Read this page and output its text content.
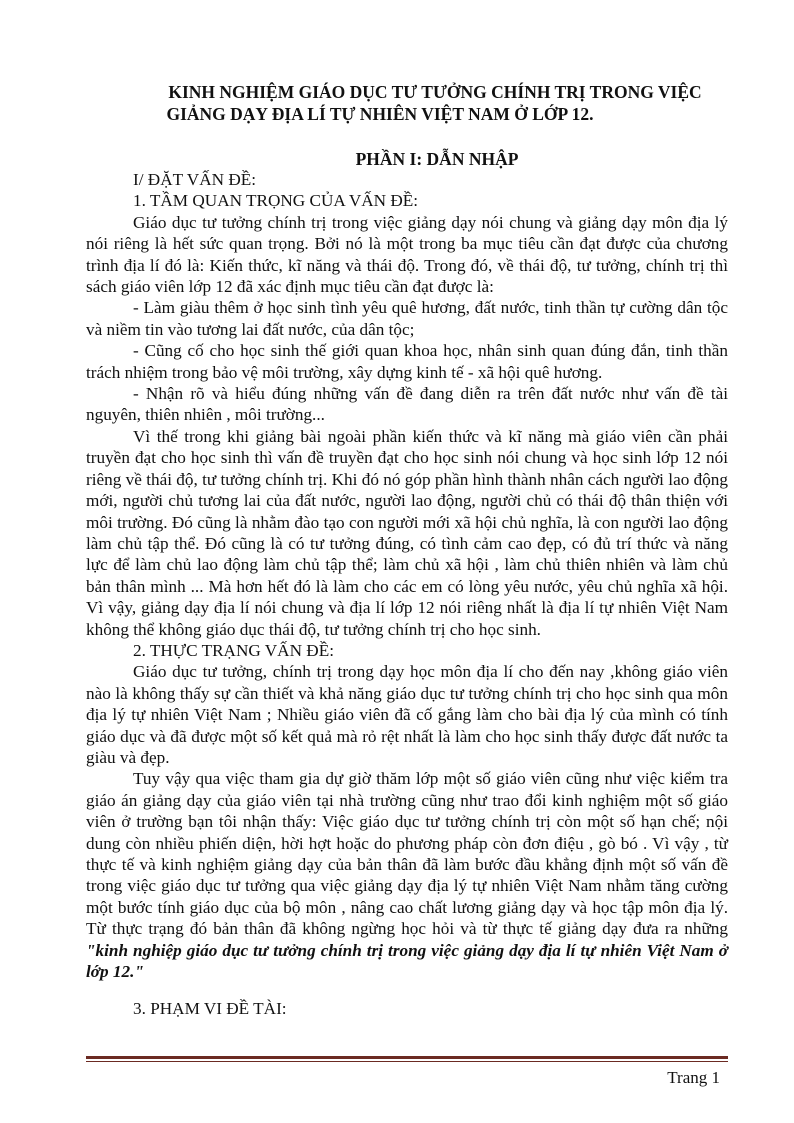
KINH NGHIỆM GIÁO DỤC TƯ TƯỞNG CHÍNH TRỊ TRONG VIỆC
GIẢNG DẠY ĐỊA LÍ TỰ NHIÊN VIỆT NAM Ở LỚP 12.
PHẦN I: DẪN NHẬP

I/ ĐẶT VẤN ĐỀ:

1. TẦM QUAN TRỌNG CỦA VẤN ĐỀ:

Giáo dục tư tưởng chính trị trong việc giảng dạy nói chung và giảng dạy môn địa lý nói riêng là hết sức quan trọng. Bởi nó là một trong ba mục tiêu cần đạt được của chương trình địa lí đó là: Kiến thức, kĩ năng và thái độ. Trong đó, về thái độ, tư tưởng, chính trị thì sách giáo viên lớp 12 đã xác định mục tiêu cần đạt được là:

- Làm giàu thêm ở học sinh tình yêu quê hương, đất nước, tinh thần tự cường dân tộc và niềm tin vào tương lai đất nước, của dân tộc;

- Cũng cố cho học sinh thế giới quan khoa học, nhân sinh quan đúng đắn, tinh thần trách nhiệm trong bảo vệ môi trường, xây dựng kinh tế - xã hội quê hương.

- Nhận rõ và hiểu đúng những vấn đề đang diễn ra trên đất nước như vấn đề tài nguyên, thiên nhiên , môi trường...

Vì thế trong khi giảng bài ngoài phần kiến thức và kĩ năng mà giáo viên cần phải truyền đạt cho học sinh thì vấn đề truyền đạt cho học sinh nói chung và học sinh lớp 12 nói riêng về thái độ, tư tưởng chính trị. Khi đó nó góp phần hình thành nhân cách người lao động mới, người chủ tương lai của đất nước, người lao động, người chủ có thái độ thân thiện với môi trường. Đó cũng là nhằm đào tạo con người mới xã hội chủ nghĩa, là con người lao động làm chủ tập thể. Đó cũng là có tư tưởng đúng, có tình cảm cao đẹp, có đủ trí thức và năng lực để làm chủ lao động làm chủ tập thể; làm chủ xã hội , làm chủ thiên nhiên và làm chủ bản thân mình ... Mà hơn hết đó là làm cho các em có lòng yêu nước, yêu chủ nghĩa xã hội. Vì vậy, giảng dạy địa lí nói chung và địa lí lớp 12 nói riêng nhất là địa lí tự nhiên Việt Nam không thể không giáo dục thái độ, tư tưởng chính trị cho học sinh.

2. THỰC TRẠNG VẤN ĐỀ:

Giáo dục tư tưởng, chính trị trong dạy học môn địa lí cho đến nay ,không giáo viên nào là không thấy sự cần thiết và khả năng giáo dục tư tưởng chính trị cho học sinh qua môn địa lý tự nhiên Việt Nam ; Nhiều giáo viên đã cố gắng làm cho bài địa lý của mình có tính giáo dục và đã được một số kết quả mà rỏ rệt nhất là làm cho học sinh thấy được đất nước ta giàu và đẹp.

Tuy vậy qua việc tham gia dự giờ thăm lớp một số giáo viên cũng như việc kiểm tra giáo án giảng dạy của giáo viên tại nhà trường cũng như trao đổi kinh nghiệm một số giáo viên ở trường bạn tôi nhận thấy: Việc giáo dục tư tưởng chính trị còn một số hạn chế; nội dung còn nhiều phiến diện, hời hợt hoặc do phương pháp còn đơn điệu , gò bó . Vì vậy , từ thực tế và kinh nghiệm giảng dạy của bản thân đã làm bước đầu khẳng định một số vấn đề trong việc giáo dục tư tưởng qua việc giảng dạy địa lý tự nhiên Việt Nam nhằm tăng cường một bước tính giáo dục của bộ môn , nâng cao chất lương giảng dạy và học tập môn địa lý. Từ thực trạng đó bản thân đã không ngừng học hỏi và từ thực tế giảng dạy đưa ra những "kinh nghiệp giáo dục tư tưởng chính trị trong việc giảng dạy địa lí tự nhiên Việt Nam ở lớp 12."

3. PHẠM VI ĐỀ TÀI:

Trang 1
